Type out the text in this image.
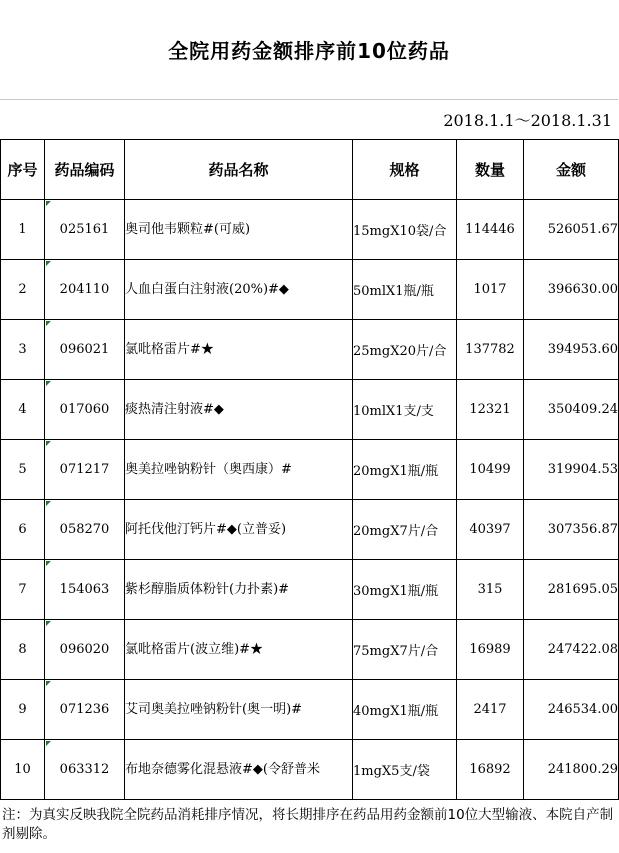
全院用药金额排序前10位药品
2018.1.1～2018.1.31
序号	药品编码	药品名称	规格	数量	金额
1	025161	奥司他韦颗粒#(可威)	15mgX10袋/合	114446	526051.67
2	204110	人血白蛋白注射液(20%)#◆	50mlX1瓶/瓶	1017	396630.00
3	096021	氯吡格雷片#★	25mgX20片/合	137782	394953.60
4	017060	痰热清注射液#◆	10mlX1支/支	12321	350409.24
5	071217	奥美拉唑钠粉针（奥西康）#	20mgX1瓶/瓶	10499	319904.53
6	058270	阿托伐他汀钙片#◆(立普妥)	20mgX7片/合	40397	307356.87
7	154063	紫杉醇脂质体粉针(力扑素)#	30mgX1瓶/瓶	315	281695.05
8	096020	氯吡格雷片(波立维)#★	75mgX7片/合	16989	247422.08
9	071236	艾司奥美拉唑钠粉针(奥一明)#	40mgX1瓶/瓶	2417	246534.00
10	063312	布地奈德雾化混悬液#◆(令舒普米	1mgX5支/袋	16892	241800.29
注：为真实反映我院全院药品消耗排序情况，将长期排序在药品用药金额前10位大型输液、本院自产制剂剔除。
